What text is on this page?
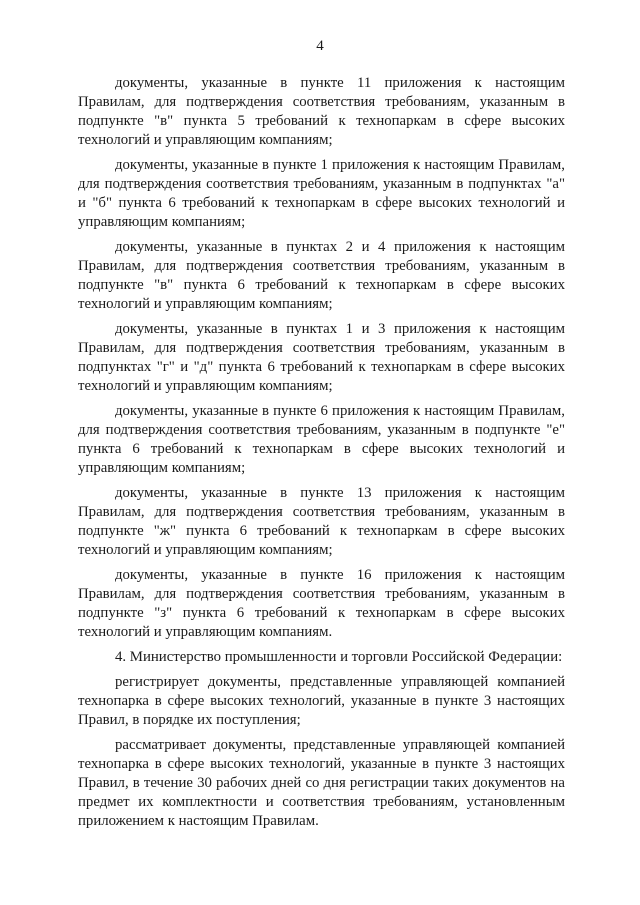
4

документы, указанные в пункте 11 приложения к настоящим Правилам, для подтверждения соответствия требованиям, указанным в подпункте "в" пункта 5 требований к технопаркам в сфере высоких технологий и управляющим компаниям;

документы, указанные в пункте 1 приложения к настоящим Правилам, для подтверждения соответствия требованиям, указанным в подпунктах "а" и "б" пункта 6 требований к технопаркам в сфере высоких технологий и управляющим компаниям;

документы, указанные в пунктах 2 и 4 приложения к настоящим Правилам, для подтверждения соответствия требованиям, указанным в подпункте "в" пункта 6 требований к технопаркам в сфере высоких технологий и управляющим компаниям;

документы, указанные в пунктах 1 и 3 приложения к настоящим Правилам, для подтверждения соответствия требованиям, указанным в подпунктах "г" и "д" пункта 6 требований к технопаркам в сфере высоких технологий и управляющим компаниям;

документы, указанные в пункте 6 приложения к настоящим Правилам, для подтверждения соответствия требованиям, указанным в подпункте "е" пункта 6 требований к технопаркам в сфере высоких технологий и управляющим компаниям;

документы, указанные в пункте 13 приложения к настоящим Правилам, для подтверждения соответствия требованиям, указанным в подпункте "ж" пункта 6 требований к технопаркам в сфере высоких технологий и управляющим компаниям;

документы, указанные в пункте 16 приложения к настоящим Правилам, для подтверждения соответствия требованиям, указанным в подпункте "з" пункта 6 требований к технопаркам в сфере высоких технологий и управляющим компаниям.

4. Министерство промышленности и торговли Российской Федерации:

регистрирует документы, представленные управляющей компанией технопарка в сфере высоких технологий, указанные в пункте 3 настоящих Правил, в порядке их поступления;

рассматривает документы, представленные управляющей компанией технопарка в сфере высоких технологий, указанные в пункте 3 настоящих Правил, в течение 30 рабочих дней со дня регистрации таких документов на предмет их комплектности и соответствия требованиям, установленным приложением к настоящим Правилам.
